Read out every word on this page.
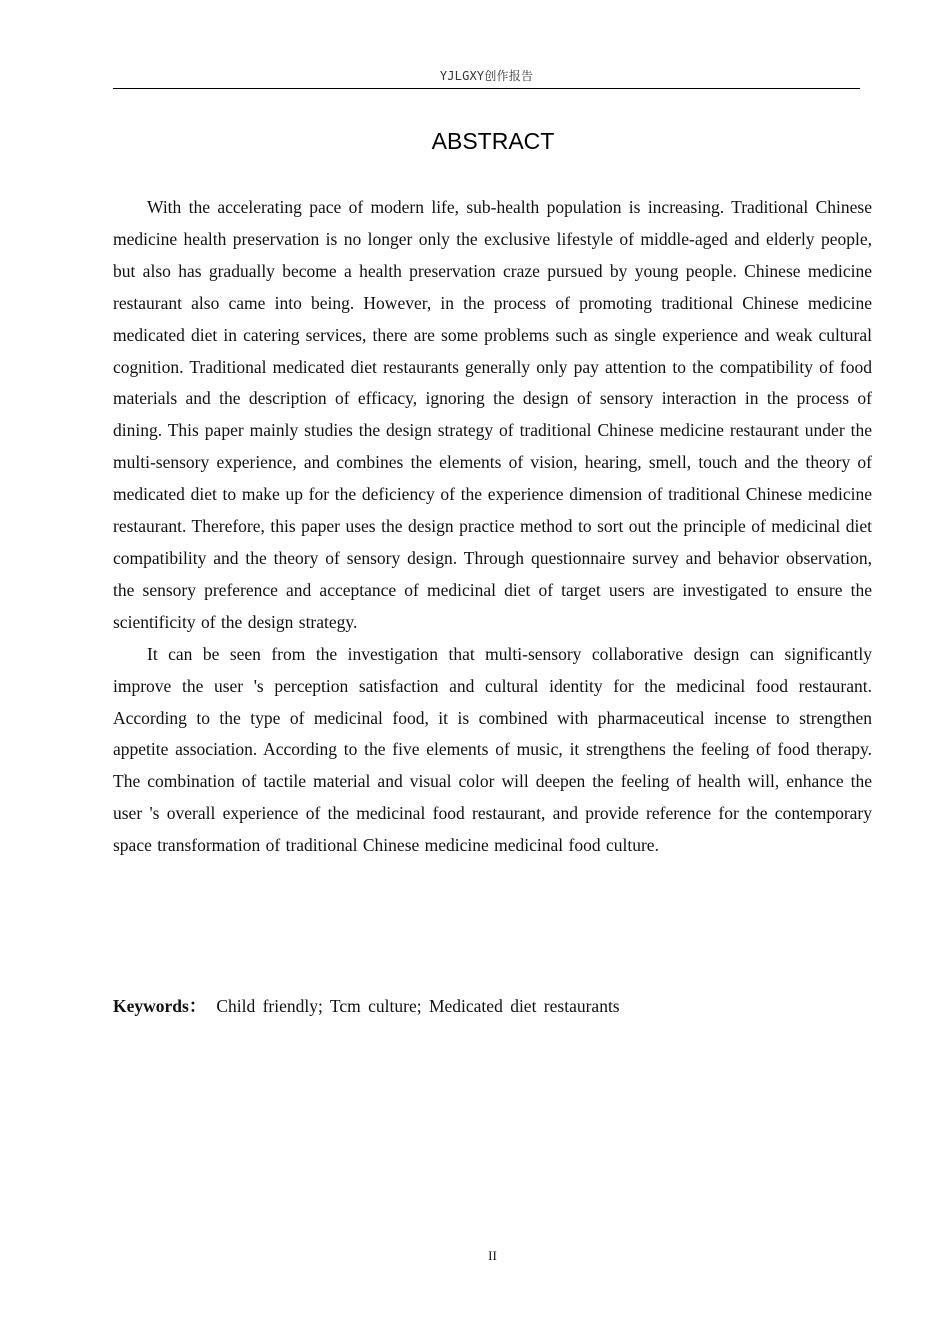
YJLGXY创作报告
ABSTRACT

With the accelerating pace of modern life, sub-health population is increasing. Traditional Chinese medicine health preservation is no longer only the exclusive lifestyle of middle-aged and elderly people, but also has gradually become a health preservation craze pursued by young people. Chinese medicine restaurant also came into being. However, in the process of promoting traditional Chinese medicine medicated diet in catering services, there are some problems such as single experience and weak cultural cognition. Traditional medicated diet restaurants generally only pay attention to the compatibility of food materials and the description of efficacy, ignoring the design of sensory interaction in the process of dining. This paper mainly studies the design strategy of traditional Chinese medicine restaurant under the multi-sensory experience, and combines the elements of vision, hearing, smell, touch and the theory of medicated diet to make up for the deficiency of the experience dimension of traditional Chinese medicine restaurant. Therefore, this paper uses the design practice method to sort out the principle of medicinal diet compatibility and the theory of sensory design. Through questionnaire survey and behavior observation, the sensory preference and acceptance of medicinal diet of target users are investigated to ensure the scientificity of the design strategy.

It can be seen from the investigation that multi-sensory collaborative design can significantly improve the user 's perception satisfaction and cultural identity for the medicinal food restaurant. According to the type of medicinal food, it is combined with pharmaceutical incense to strengthen appetite association. According to the five elements of music, it strengthens the feeling of food therapy. The combination of tactile material and visual color will deepen the feeling of health will, enhance the user 's overall experience of the medicinal food restaurant, and provide reference for the contemporary space transformation of traditional Chinese medicine medicinal food culture.

Keywords： Child friendly; Tcm culture; Medicated diet restaurants
II
